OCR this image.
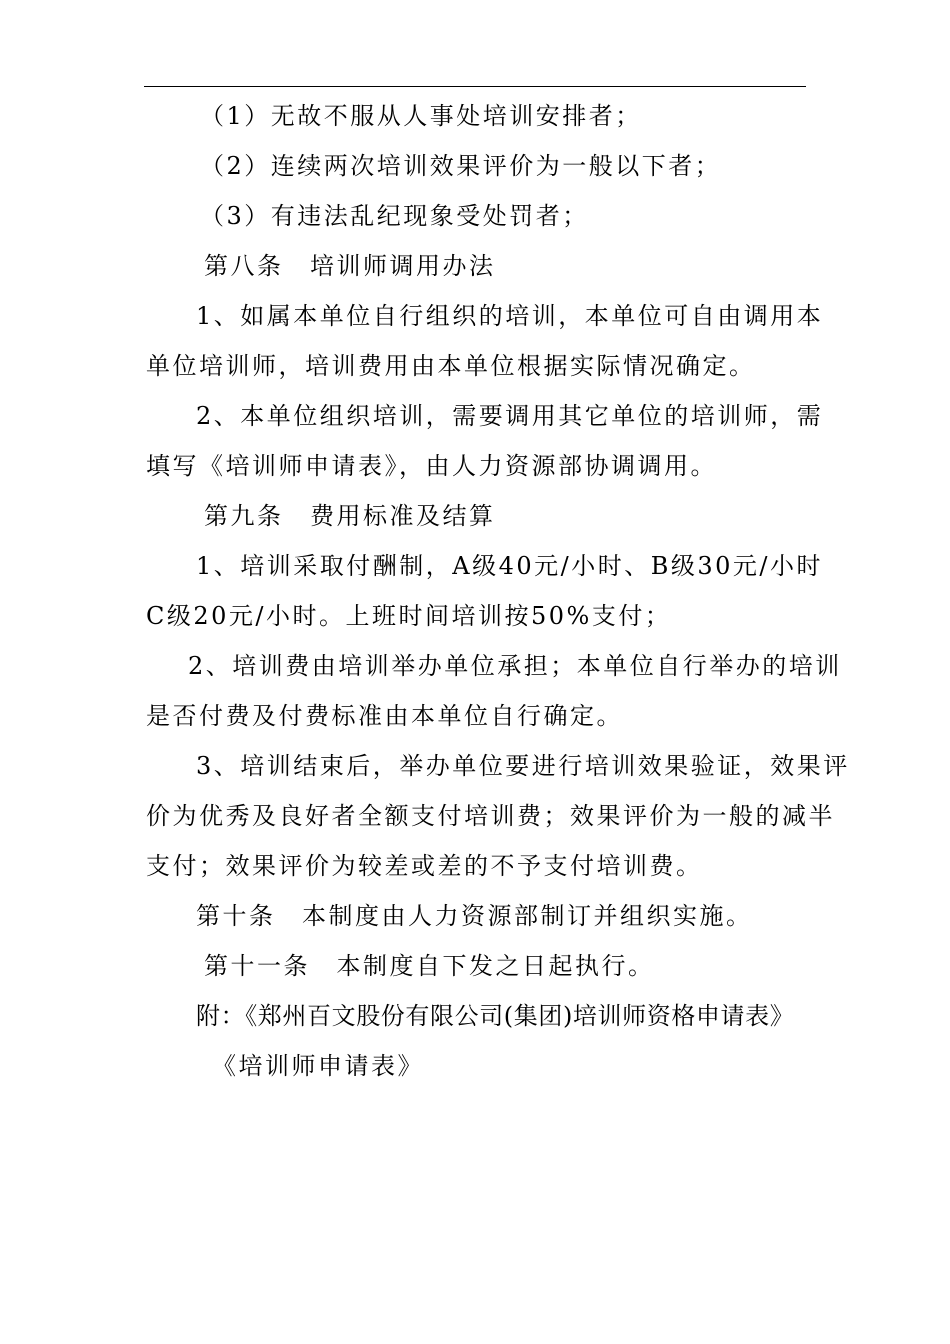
（1）无故不服从人事处培训安排者；
（2）连续两次培训效果评价为一般以下者；
（3）有违法乱纪现象受处罚者；
第八条　培训师调用办法
1、如属本单位自行组织的培训，本单位可自由调用本
单位培训师，培训费用由本单位根据实际情况确定。
2、本单位组织培训，需要调用其它单位的培训师，需
填写《培训师申请表》，由人力资源部协调调用。
第九条　费用标准及结算
1、培训采取付酬制，A级40元/小时、B级30元/小时
C级20元/小时。上班时间培训按50%支付；
2、培训费由培训举办单位承担；本单位自行举办的培训
是否付费及付费标准由本单位自行确定。
3、培训结束后，举办单位要进行培训效果验证，效果评
价为优秀及良好者全额支付培训费；效果评价为一般的减半
支付；效果评价为较差或差的不予支付培训费。
第十条　本制度由人力资源部制订并组织实施。
第十一条　本制度自下发之日起执行。
附：《郑州百文股份有限公司(集团)培训师资格申请表》
《培训师申请表》
